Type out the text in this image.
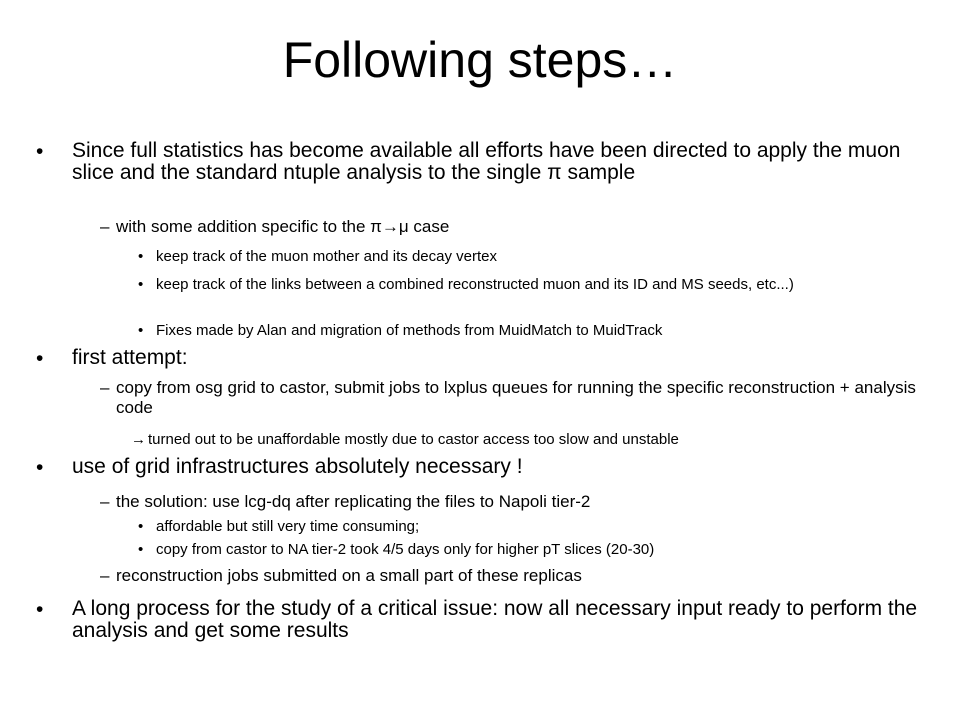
Following steps…
• Since full statistics has become available all efforts have been directed to apply the muon slice and the standard ntuple analysis to the single π sample

– with some addition specific to the π→μ case

• keep track of the muon mother and its decay vertex

• keep track of the links between a combined reconstructed muon and its ID and MS seeds, etc...)

• Fixes made by Alan and migration of methods from MuidMatch to MuidTrack

• first attempt:

– copy from osg grid to castor, submit jobs to lxplus queues for running the specific reconstruction + analysis code

→ turned out to be unaffordable mostly due to castor access too slow and unstable

• use of grid infrastructures absolutely necessary !

– the solution: use lcg-dq after replicating the files to Napoli tier-2

• affordable but still very time consuming;

• copy from castor to NA tier-2 took 4/5 days only for higher pT slices (20-30)

– reconstruction jobs submitted on a small part of these replicas

• A long process for the study of a critical issue: now all necessary input ready to perform the analysis and get some results
